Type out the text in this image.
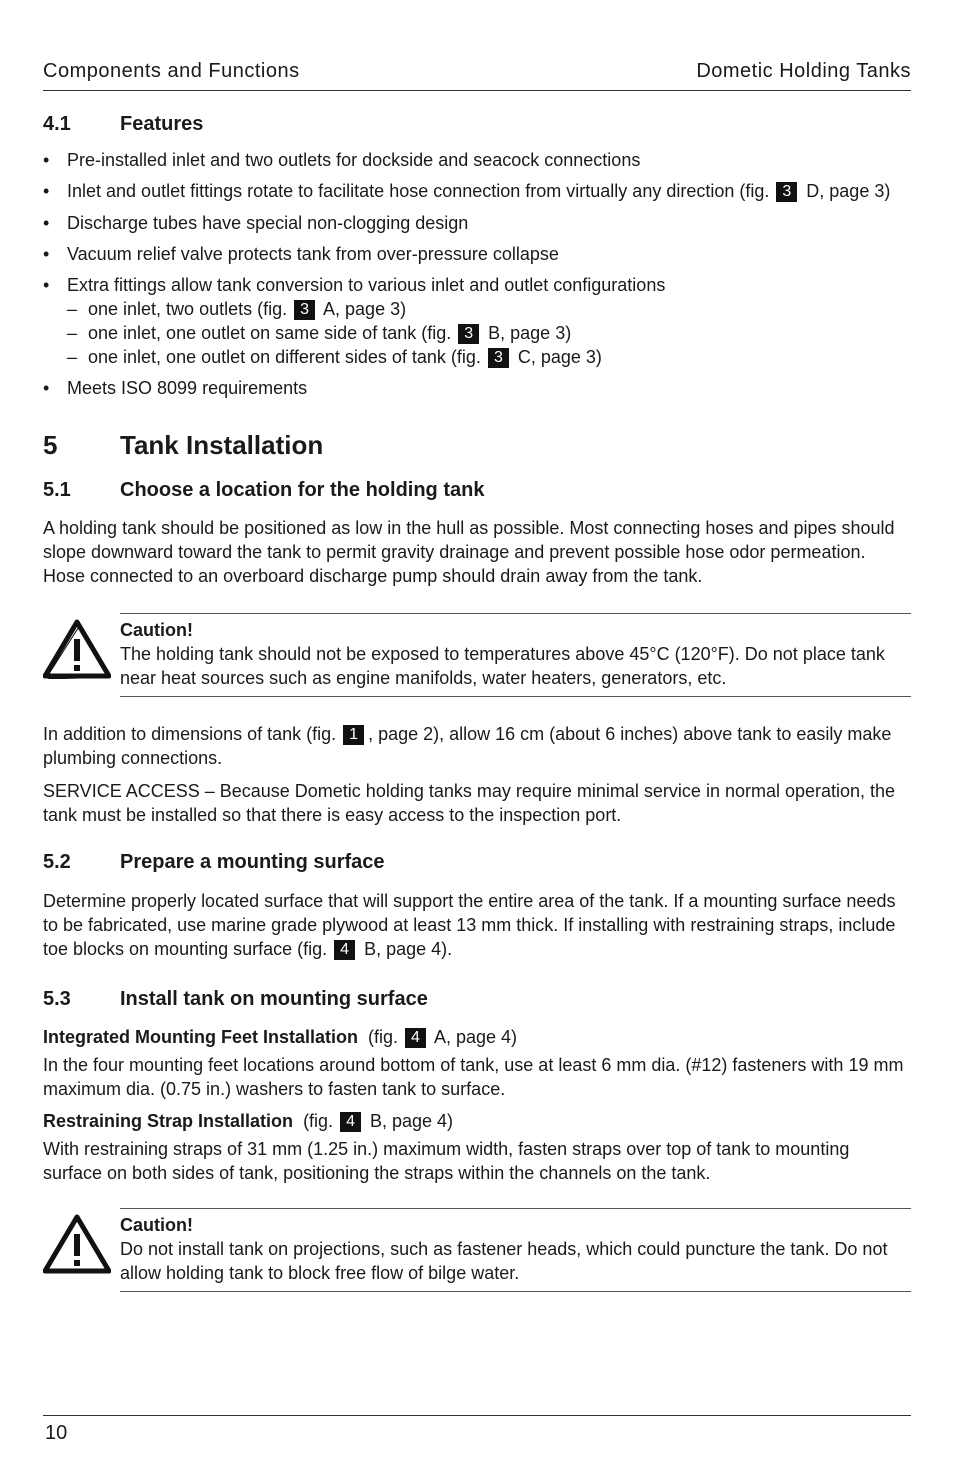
Components and Functions	Dometic Holding Tanks
4.1	Features
• Pre-installed inlet and two outlets for dockside and seacock connections
• Inlet and outlet fittings rotate to facilitate hose connection from virtually any direction (fig. 3 D, page 3)
• Discharge tubes have special non-clogging design
• Vacuum relief valve protects tank from over-pressure collapse
• Extra fittings allow tank conversion to various inlet and outlet configurations
– one inlet, two outlets (fig. 3 A, page 3)
– one inlet, one outlet on same side of tank (fig. 3 B, page 3)
– one inlet, one outlet on different sides of tank (fig. 3 C, page 3)
• Meets ISO 8099 requirements
5	Tank Installation
5.1	Choose a location for the holding tank

A holding tank should be positioned as low in the hull as possible. Most connecting hoses and pipes should slope downward toward the tank to permit gravity drainage and prevent possible hose odor permeation. Hose connected to an overboard discharge pump should drain away from the tank.

Caution!

The holding tank should not be exposed to temperatures above 45°C (120°F). Do not place tank near heat sources such as engine manifolds, water heaters, generators, etc.

In addition to dimensions of tank (fig. 1 , page 2), allow 16 cm (about 6 inches) above tank to easily make plumbing connections.

SERVICE ACCESS – Because Dometic holding tanks may require minimal service in normal operation, the tank must be installed so that there is easy access to the inspection port.

5.2	Prepare a mounting surface

Determine properly located surface that will support the entire area of the tank. If a mounting surface needs to be fabricated, use marine grade plywood at least 13 mm thick. If installing with restraining straps, include toe blocks on mounting surface (fig. 4 B, page 4).

5.3	Install tank on mounting surface

Integrated Mounting Feet Installation (fig. 4 A, page 4)

In the four mounting feet locations around bottom of tank, use at least 6 mm dia. (#12) fasteners with 19 mm maximum dia. (0.75 in.) washers to fasten tank to surface.

Restraining Strap Installation (fig. 4 B, page 4)

With restraining straps of 31 mm (1.25 in.) maximum width, fasten straps over top of tank to mounting surface on both sides of tank, positioning the straps within the channels on the tank.

Caution!

Do not install tank on projections, such as fastener heads, which could puncture the tank. Do not allow holding tank to block free flow of bilge water.

10
